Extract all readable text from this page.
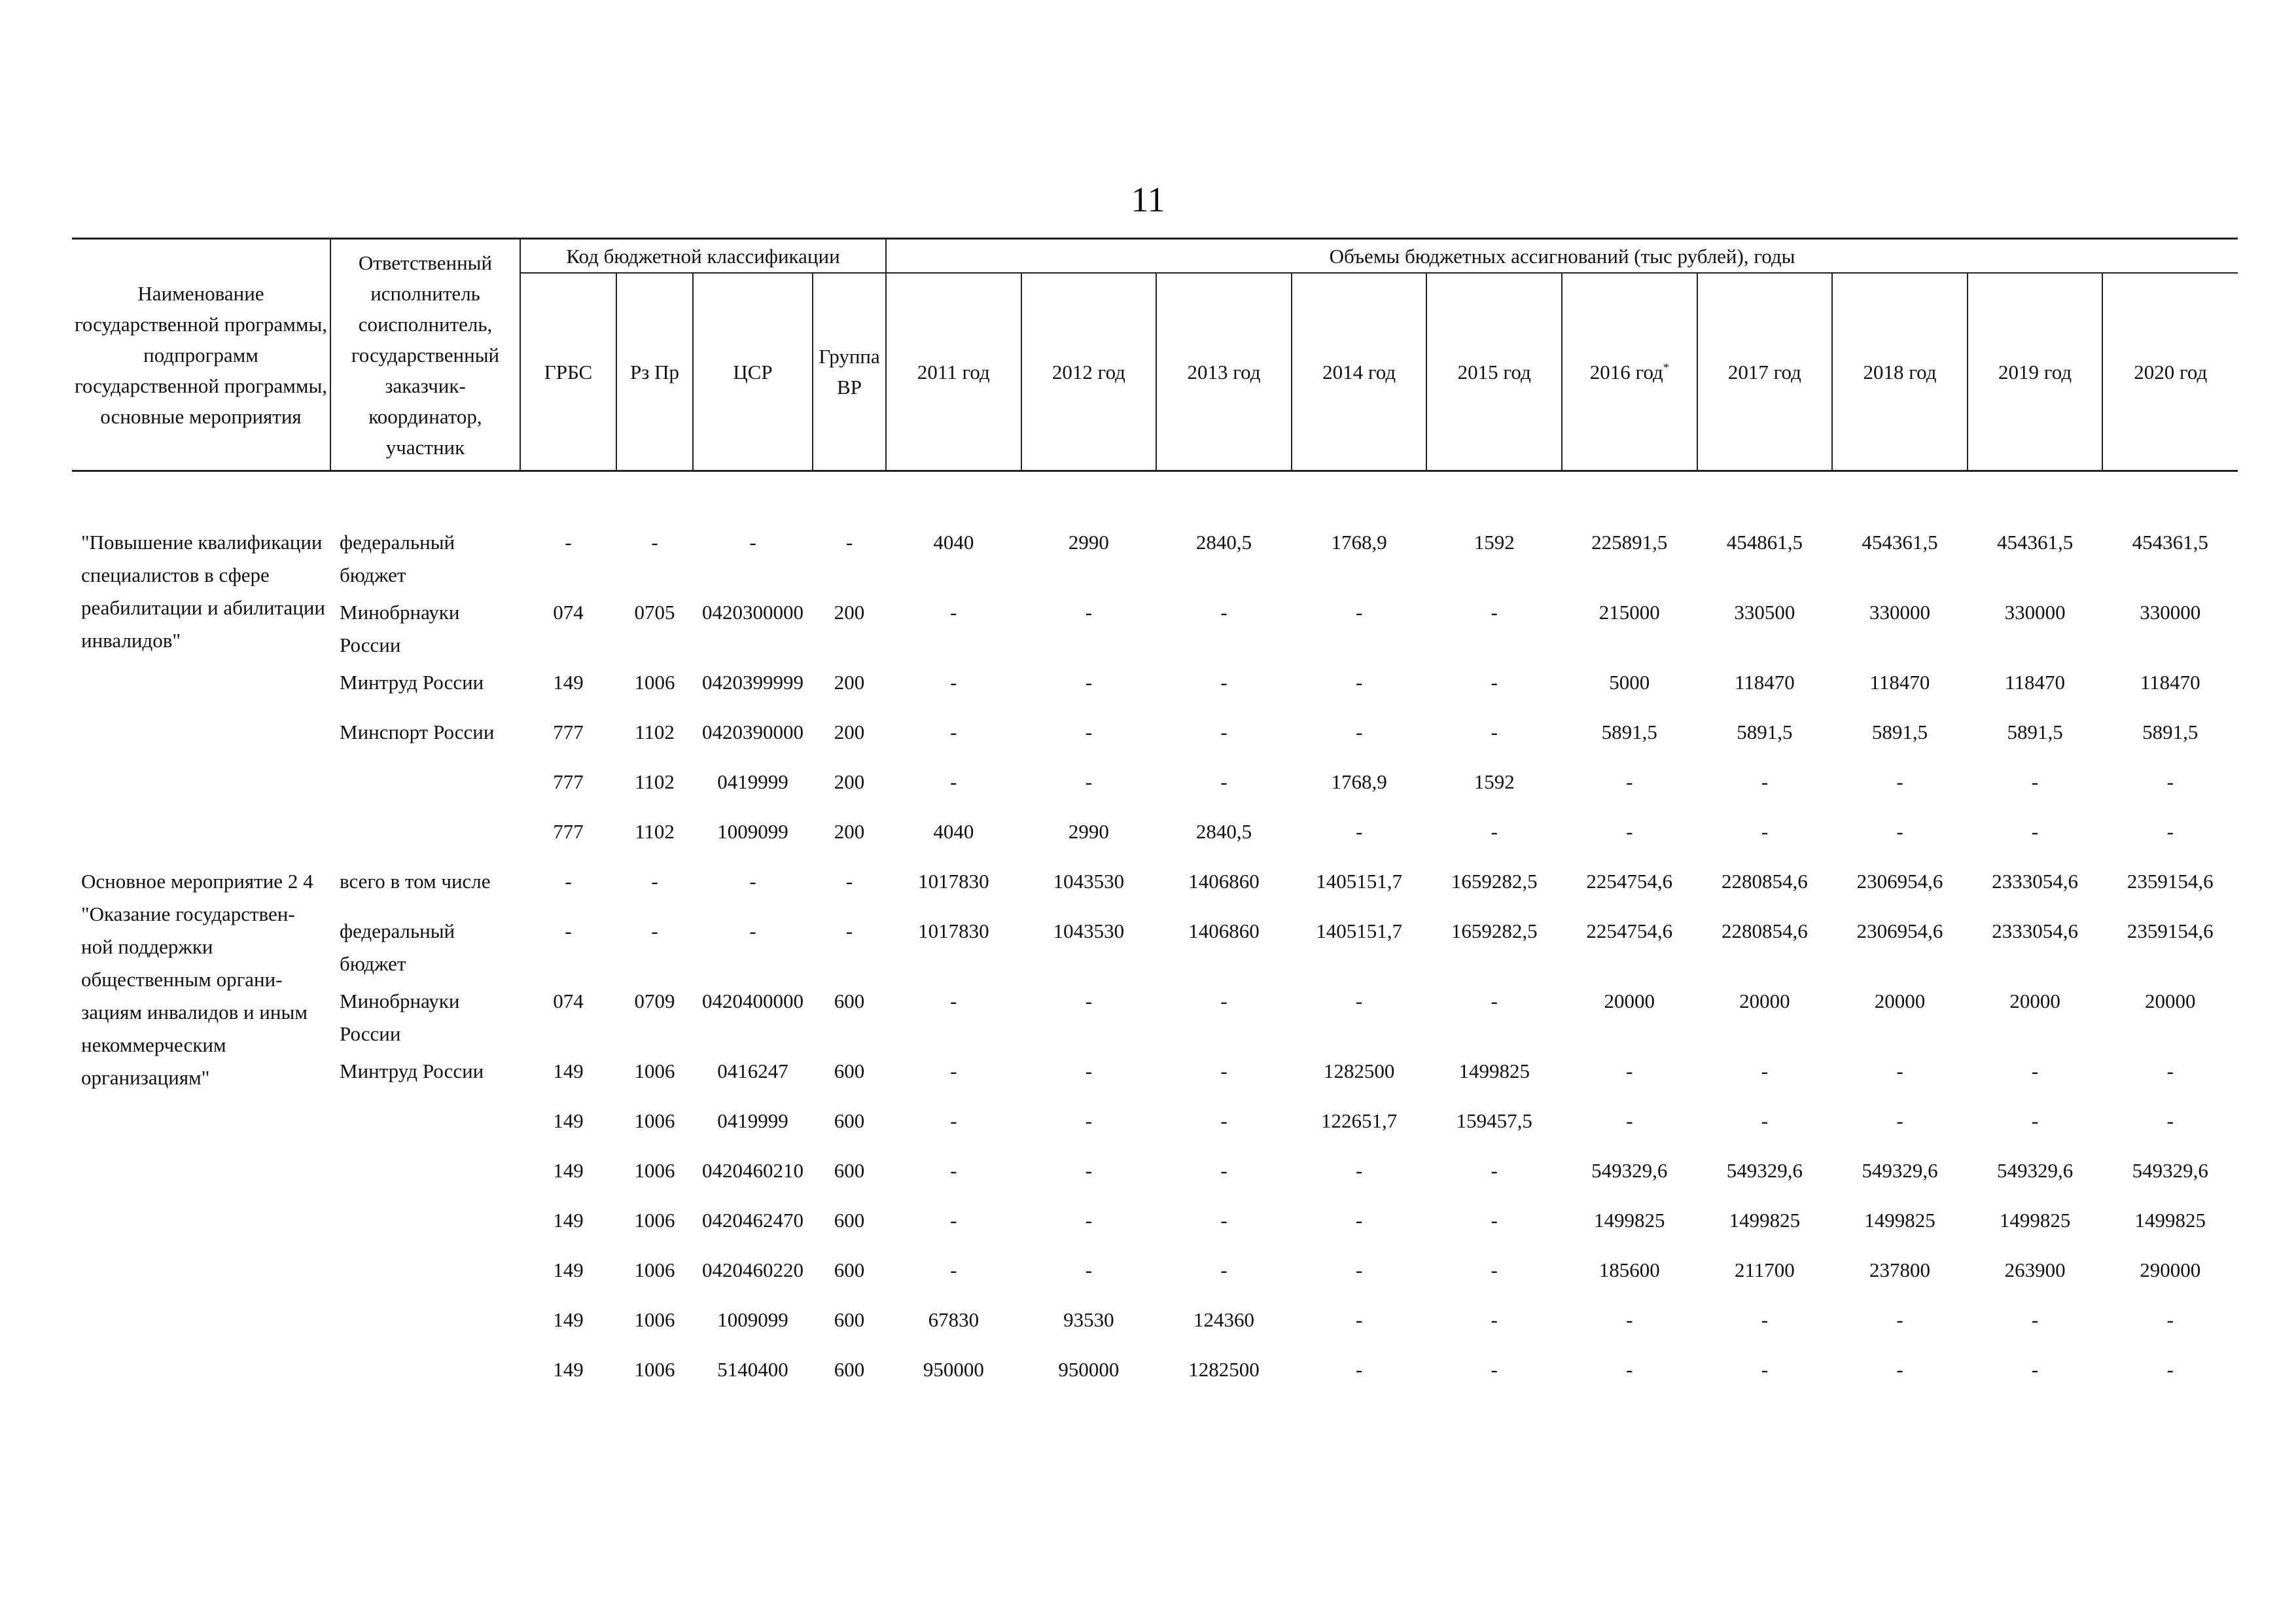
11
Наименование государственной программы, подпрограмм государственной программы, основные мероприятия	Ответственный исполнитель соисполнитель, государственный заказчик-координатор, участник	Код бюджетной классификации				Объемы бюджетных ассигнований (тыс рублей), годы									
		ГРБС	Рз Пр	ЦСР	Группа ВР	2011 год	2012 год	2013 год	2014 год	2015 год	2016 год*	2017 год	2018 год	2019 год	2020 год

"Повышение квалификации специалистов в сфере реабилитации и абилитации инвалидов"	федеральный бюджет	-	-	-	-	4040	2990	2840,5	1768,9	1592	225891,5	454861,5	454361,5	454361,5	454361,5
	Минобрнауки России	074	0705	0420300000	200	-	-	-	-	-	215000	330500	330000	330000	330000
	Минтруд России	149	1006	0420399999	200	-	-	-	-	-	5000	118470	118470	118470	118470
	Минспорт России	777	1102	0420390000	200	-	-	-	-	-	5891,5	5891,5	5891,5	5891,5	5891,5
		777	1102	0419999	200	-	-	-	1768,9	1592	-	-	-	-	-
		777	1102	1009099	200	4040	2990	2840,5	-	-	-	-	-	-	-
Основное мероприятие 2 4 "Оказание государствен-ной поддержки общественным органи-зациям инвалидов и иным некоммерческим организациям"	всего в том числе	-	-	-	-	1017830	1043530	1406860	1405151,7	1659282,5	2254754,6	2280854,6	2306954,6	2333054,6	2359154,6
	федеральный бюджет	-	-	-	-	1017830	1043530	1406860	1405151,7	1659282,5	2254754,6	2280854,6	2306954,6	2333054,6	2359154,6
	Минобрнауки России	074	0709	0420400000	600	-	-	-	-	-	20000	20000	20000	20000	20000
	Минтруд России	149	1006	0416247	600	-	-	-	1282500	1499825	-	-	-	-	-
		149	1006	0419999	600	-	-	-	122651,7	159457,5	-	-	-	-	-
		149	1006	0420460210	600	-	-	-	-	-	549329,6	549329,6	549329,6	549329,6	549329,6
		149	1006	0420462470	600	-	-	-	-	-	1499825	1499825	1499825	1499825	1499825
		149	1006	0420460220	600	-	-	-	-	-	185600	211700	237800	263900	290000
		149	1006	1009099	600	67830	93530	124360	-	-	-	-	-	-	-
		149	1006	5140400	600	950000	950000	1282500	-	-	-	-	-	-	-
